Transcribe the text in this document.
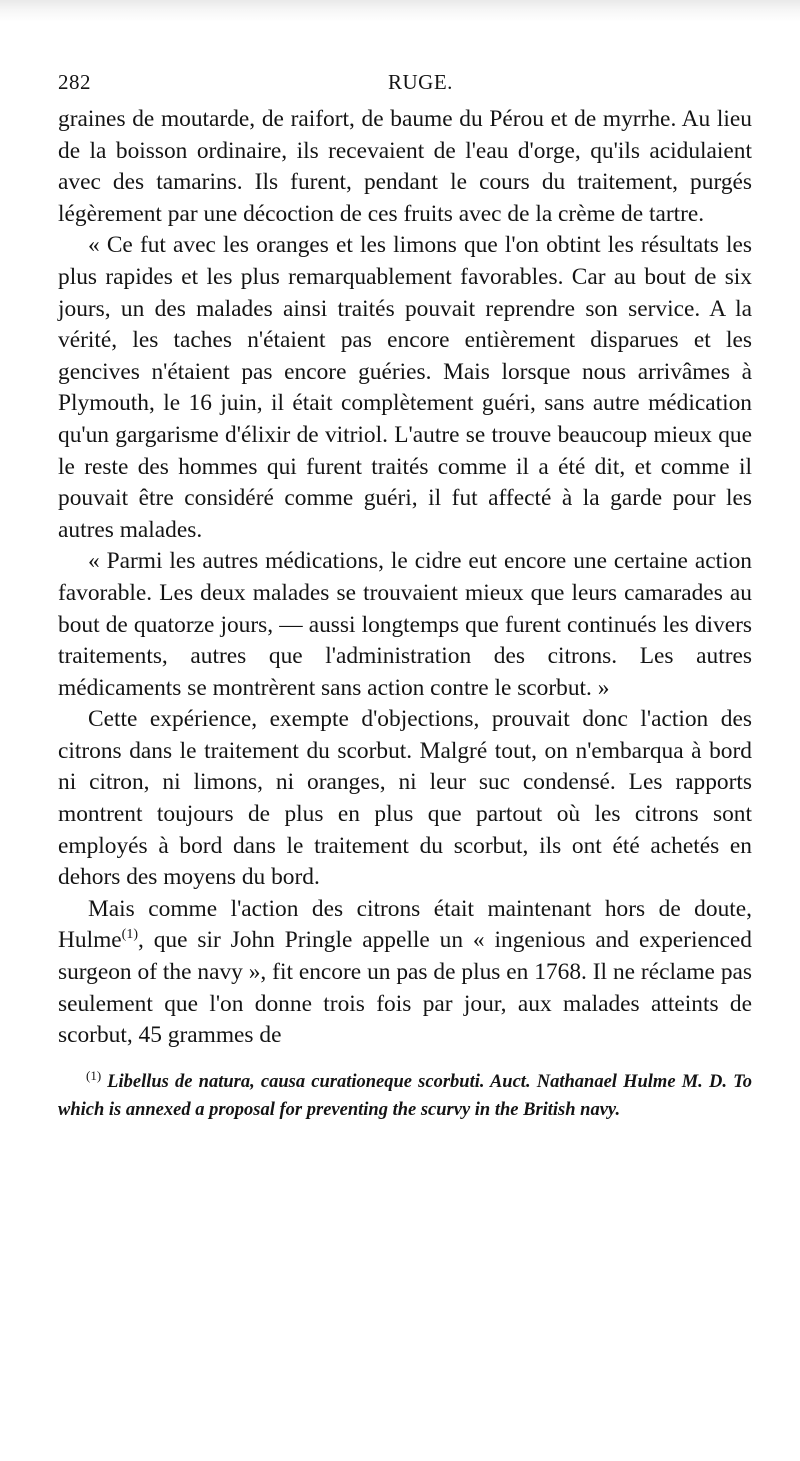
282	RUGE.

graines de moutarde, de raifort, de baume du Pérou et de myrrhe. Au lieu de la boisson ordinaire, ils recevaient de l'eau d'orge, qu'ils acidulaient avec des tamarins. Ils furent, pendant le cours du traitement, purgés légèrement par une décoction de ces fruits avec de la crème de tartre.

« Ce fut avec les oranges et les limons que l'on obtint les résultats les plus rapides et les plus remarquablement favorables. Car au bout de six jours, un des malades ainsi traités pouvait reprendre son service. A la vérité, les taches n'étaient pas encore entièrement disparues et les gencives n'étaient pas encore guéries. Mais lorsque nous arrivâmes à Plymouth, le 16 juin, il était complètement guéri, sans autre médication qu'un gargarisme d'élixir de vitriol. L'autre se trouve beaucoup mieux que le reste des hommes qui furent traités comme il a été dit, et comme il pouvait être considéré comme guéri, il fut affecté à la garde pour les autres malades.

« Parmi les autres médications, le cidre eut encore une certaine action favorable. Les deux malades se trouvaient mieux que leurs camarades au bout de quatorze jours, — aussi longtemps que furent continués les divers traitements, autres que l'administration des citrons. Les autres médicaments se montrèrent sans action contre le scorbut. »

Cette expérience, exempte d'objections, prouvait donc l'action des citrons dans le traitement du scorbut. Malgré tout, on n'embarqua à bord ni citron, ni limons, ni oranges, ni leur suc condensé. Les rapports montrent toujours de plus en plus que partout où les citrons sont employés à bord dans le traitement du scorbut, ils ont été achetés en dehors des moyens du bord.

Mais comme l'action des citrons était maintenant hors de doute, Hulme$^{(1)}$, que sir John Pringle appelle un « ingenious and experienced surgeon of the navy », fit encore un pas de plus en 1768. Il ne réclame pas seulement que l'on donne trois fois par jour, aux malades atteints de scorbut, 45 grammes de

$^{(1)}$ Libellus de natura, causa curationeque scorbuti. Auct. Nathanael Hulme M. D. To which is annexed a proposal for preventing the scurvy in the British navy.
